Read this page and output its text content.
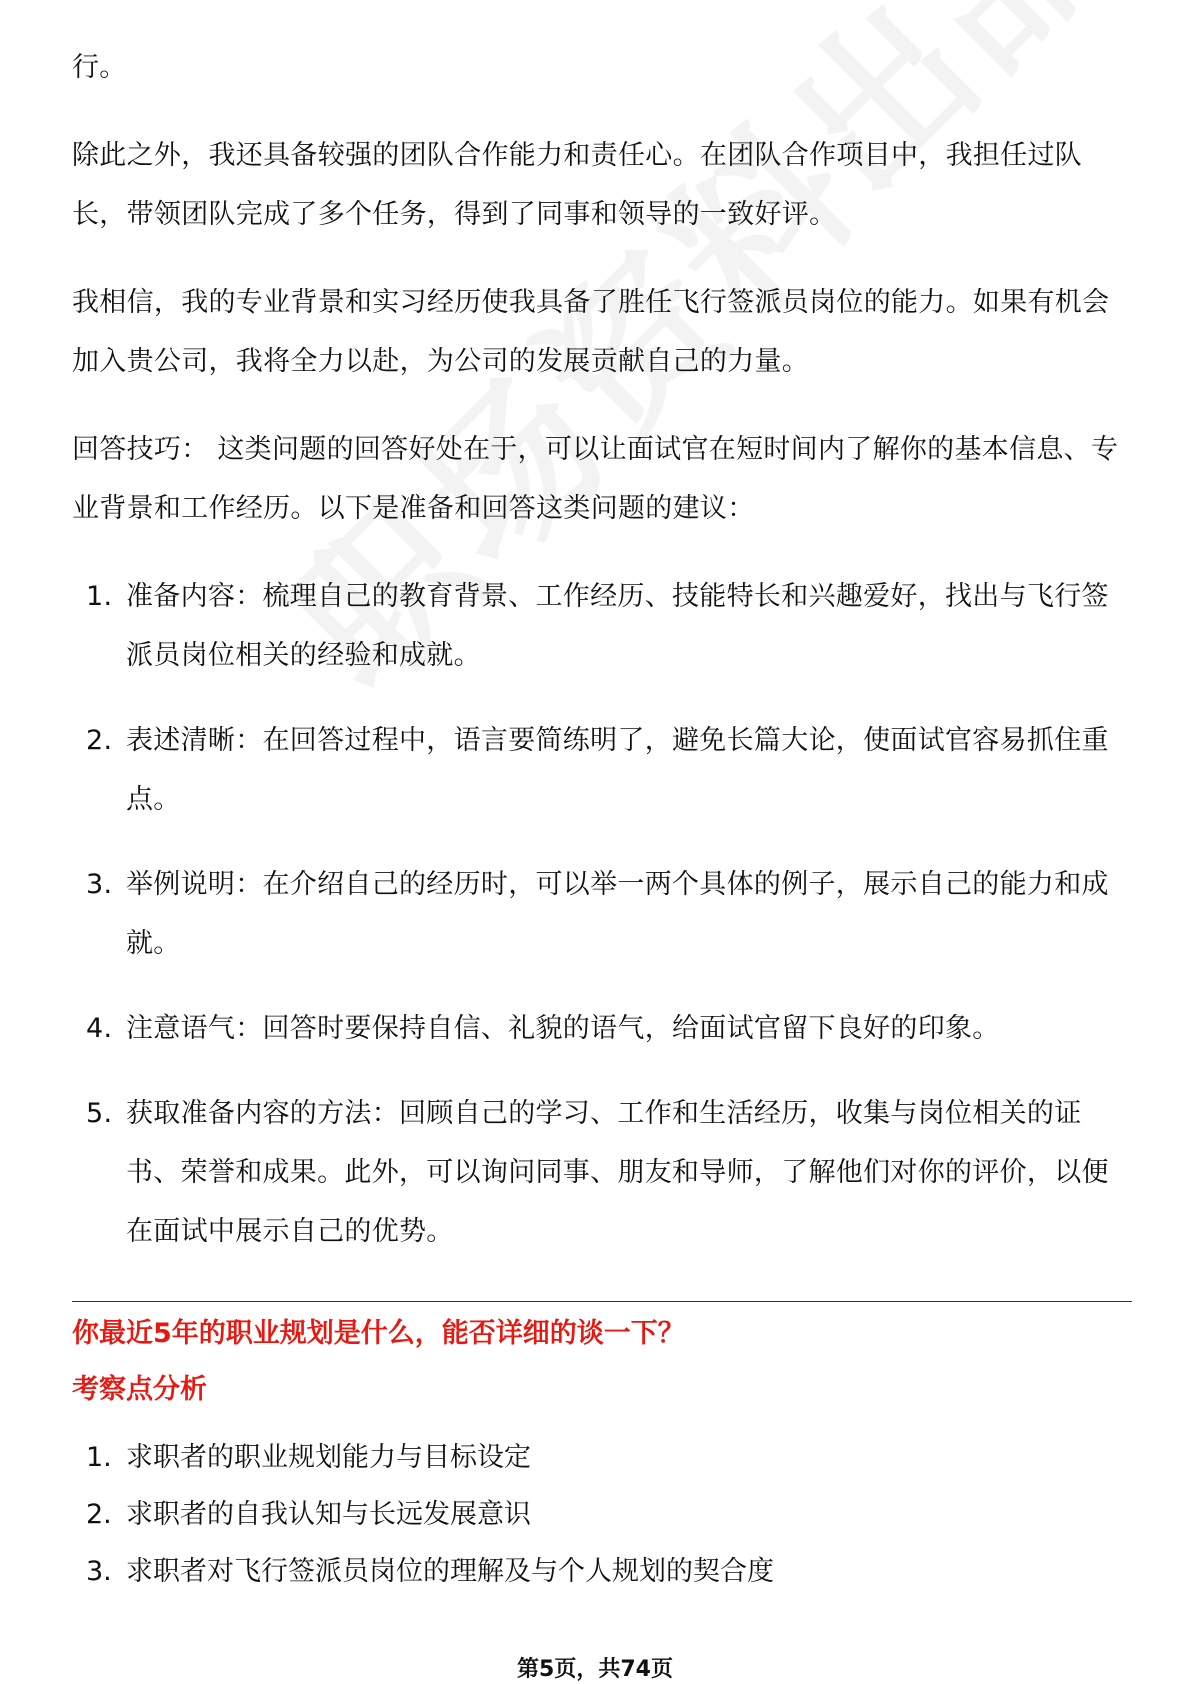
行。

除此之外，我还具备较强的团队合作能力和责任心。在团队合作项目中，我担任过队长，带领团队完成了多个任务，得到了同事和领导的一致好评。

我相信，我的专业背景和实习经历使我具备了胜任飞行签派员岗位的能力。如果有机会加入贵公司，我将全力以赴，为公司的发展贡献自己的力量。

回答技巧： 这类问题的回答好处在于，可以让面试官在短时间内了解你的基本信息、专业背景和工作经历。以下是准备和回答这类问题的建议：

1. 准备内容：梳理自己的教育背景、工作经历、技能特长和兴趣爱好，找出与飞行签派员岗位相关的经验和成就。
2. 表述清晰：在回答过程中，语言要简练明了，避免长篇大论，使面试官容易抓住重点。
3. 举例说明：在介绍自己的经历时，可以举一两个具体的例子，展示自己的能力和成就。
4. 注意语气：回答时要保持自信、礼貌的语气，给面试官留下良好的印象。
5. 获取准备内容的方法：回顾自己的学习、工作和生活经历，收集与岗位相关的证书、荣誉和成果。此外，可以询问同事、朋友和导师，了解他们对你的评价，以便在面试中展示自己的优势。
你最近5年的职业规划是什么，能否详细的谈一下？
考察点分析
1. 求职者的职业规划能力与目标设定
2. 求职者的自我认知与长远发展意识
3. 求职者对飞行签派员岗位的理解及与个人规划的契合度
第5页，共74页
